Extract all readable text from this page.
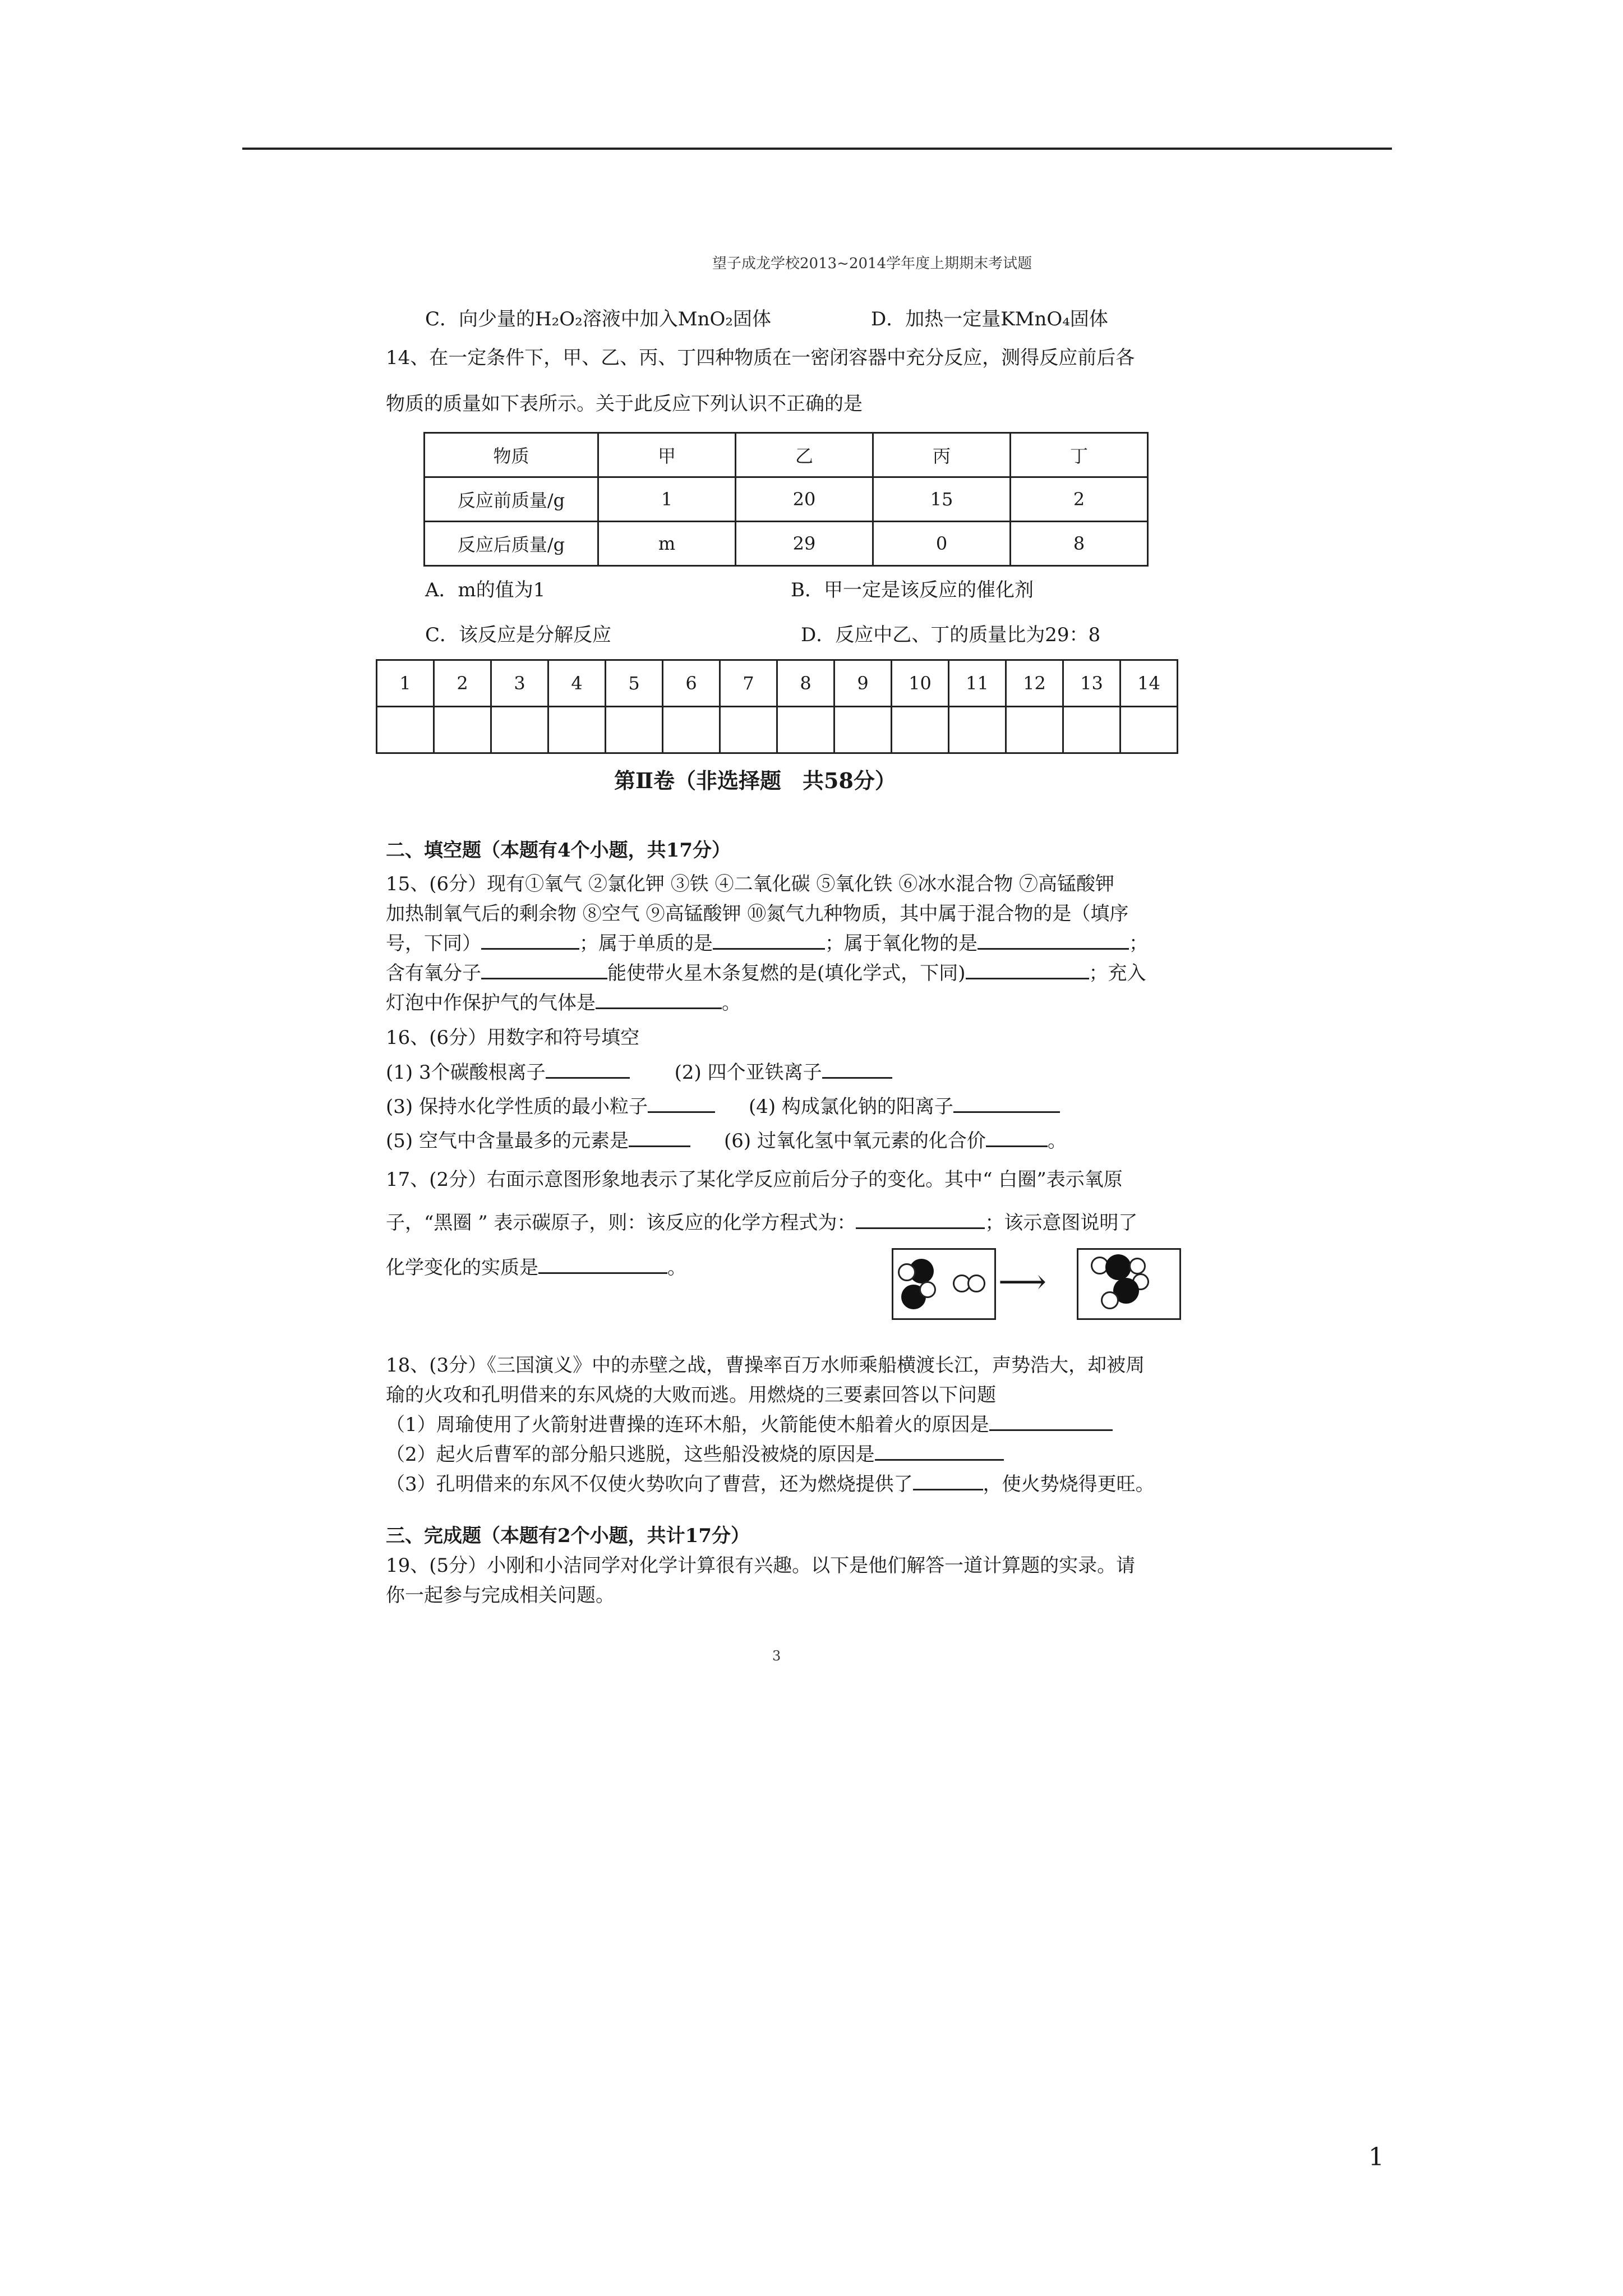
望子成龙学校2013~2014学年度上期期末考试题
C．向少量的H₂O₂溶液中加入MnO₂固体	D．加热一定量KMnO₄固体
14、在一定条件下，甲、乙、丙、丁四种物质在一密闭容器中充分反应，测得反应前后各
物质的质量如下表所示。关于此反应下列认识不正确的是
物质	甲	乙	丙	丁
反应前质量/g	1	20	15	2
反应后质量/g	m	29	0	8
A．m的值为1	B．甲一定是该反应的催化剂
C．该反应是分解反应	D．反应中乙、丁的质量比为29：8
1	2	3	4	5	6	7	8	9	10	11	12	13	14

第Ⅱ卷（非选择题　共58分）
二、填空题（本题有4个小题，共17分）
15、(6分）现有①氧气 ②氯化钾 ③铁 ④二氧化碳 ⑤氧化铁 ⑥冰水混合物 ⑦高锰酸钾
加热制氧气后的剩余物 ⑧空气 ⑨高锰酸钾 ⑩氮气九种物质，其中属于混合物的是（填序
号，下同）	；属于单质的是	；属于氧化物的是	；
含有氧分子	能使带火星木条复燃的是(填化学式，下同)	；充入
灯泡中作保护气的气体是	。
16、(6分）用数字和符号填空
(1) 3个碳酸根离子	(2) 四个亚铁离子
(3) 保持水化学性质的最小粒子	(4) 构成氯化钠的阳离子
(5) 空气中含量最多的元素是	(6) 过氧化氢中氧元素的化合价	。
17、(2分）右面示意图形象地表示了某化学反应前后分子的变化。其中“ 白圈”表示氧原
子，“黑圈 ” 表示碳原子，则：该反应的化学方程式为：	；该示意图说明了
化学变化的实质是	。	⟶
18、(3分）《三国演义》中的赤壁之战，曹操率百万水师乘船横渡长江，声势浩大，却被周
瑜的火攻和孔明借来的东风烧的大败而逃。用燃烧的三要素回答以下问题
（1）周瑜使用了火箭射进曹操的连环木船，火箭能使木船着火的原因是
（2）起火后曹军的部分船只逃脱，这些船没被烧的原因是
（3）孔明借来的东风不仅使火势吹向了曹营，还为燃烧提供了	，使火势烧得更旺。
三、完成题（本题有2个小题，共计17分）
19、(5分）小刚和小洁同学对化学计算很有兴趣。以下是他们解答一道计算题的实录。请
你一起参与完成相关问题。
3
1
